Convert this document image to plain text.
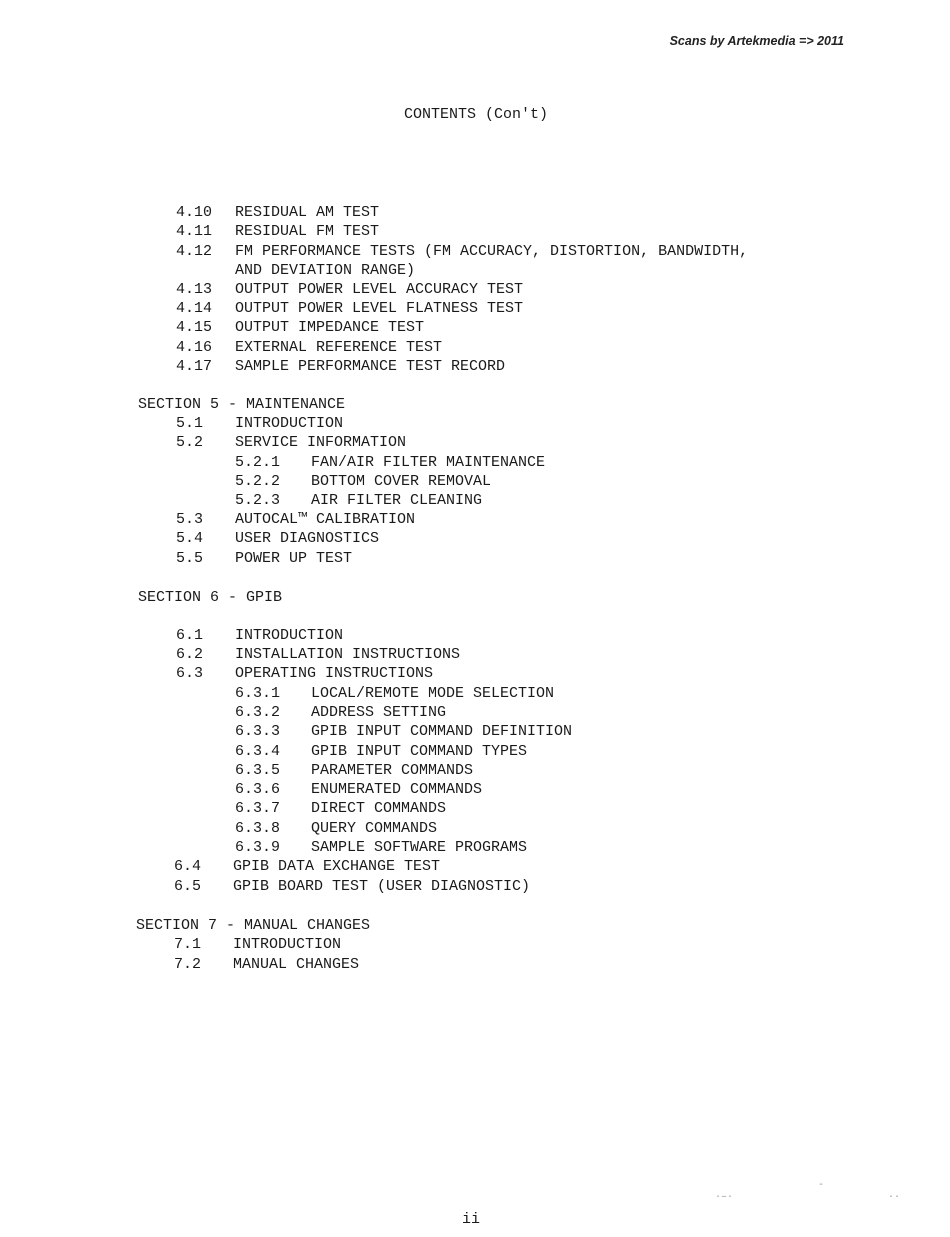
Scans by Artekmedia => 2011
CONTENTS (Con't)
4.10 RESIDUAL AM TEST
4.11 RESIDUAL FM TEST
4.12 FM PERFORMANCE TESTS (FM ACCURACY, DISTORTION, BANDWIDTH,
AND DEVIATION RANGE)
4.13 OUTPUT POWER LEVEL ACCURACY TEST
4.14 OUTPUT POWER LEVEL FLATNESS TEST
4.15 OUTPUT IMPEDANCE TEST
4.16 EXTERNAL REFERENCE TEST
4.17 SAMPLE PERFORMANCE TEST RECORD
SECTION 5 - MAINTENANCE
5.1 INTRODUCTION
5.2 SERVICE INFORMATION
5.2.1 FAN/AIR FILTER MAINTENANCE
5.2.2 BOTTOM COVER REMOVAL
5.2.3 AIR FILTER CLEANING
5.3 AUTOCAL™ CALIBRATION
5.4 USER DIAGNOSTICS
5.5 POWER UP TEST
SECTION 6 - GPIB
6.1 INTRODUCTION
6.2 INSTALLATION INSTRUCTIONS
6.3 OPERATING INSTRUCTIONS
6.3.1 LOCAL/REMOTE MODE SELECTION
6.3.2 ADDRESS SETTING
6.3.3 GPIB INPUT COMMAND DEFINITION
6.3.4 GPIB INPUT COMMAND TYPES
6.3.5 PARAMETER COMMANDS
6.3.6 ENUMERATED COMMANDS
6.3.7 DIRECT COMMANDS
6.3.8 QUERY COMMANDS
6.3.9 SAMPLE SOFTWARE PROGRAMS
6.4 GPIB DATA EXCHANGE TEST
6.5 GPIB BOARD TEST (USER DIAGNOSTIC)
SECTION 7 - MANUAL CHANGES
7.1 INTRODUCTION
7.2 MANUAL CHANGES
·‒·
‐
··
ii
